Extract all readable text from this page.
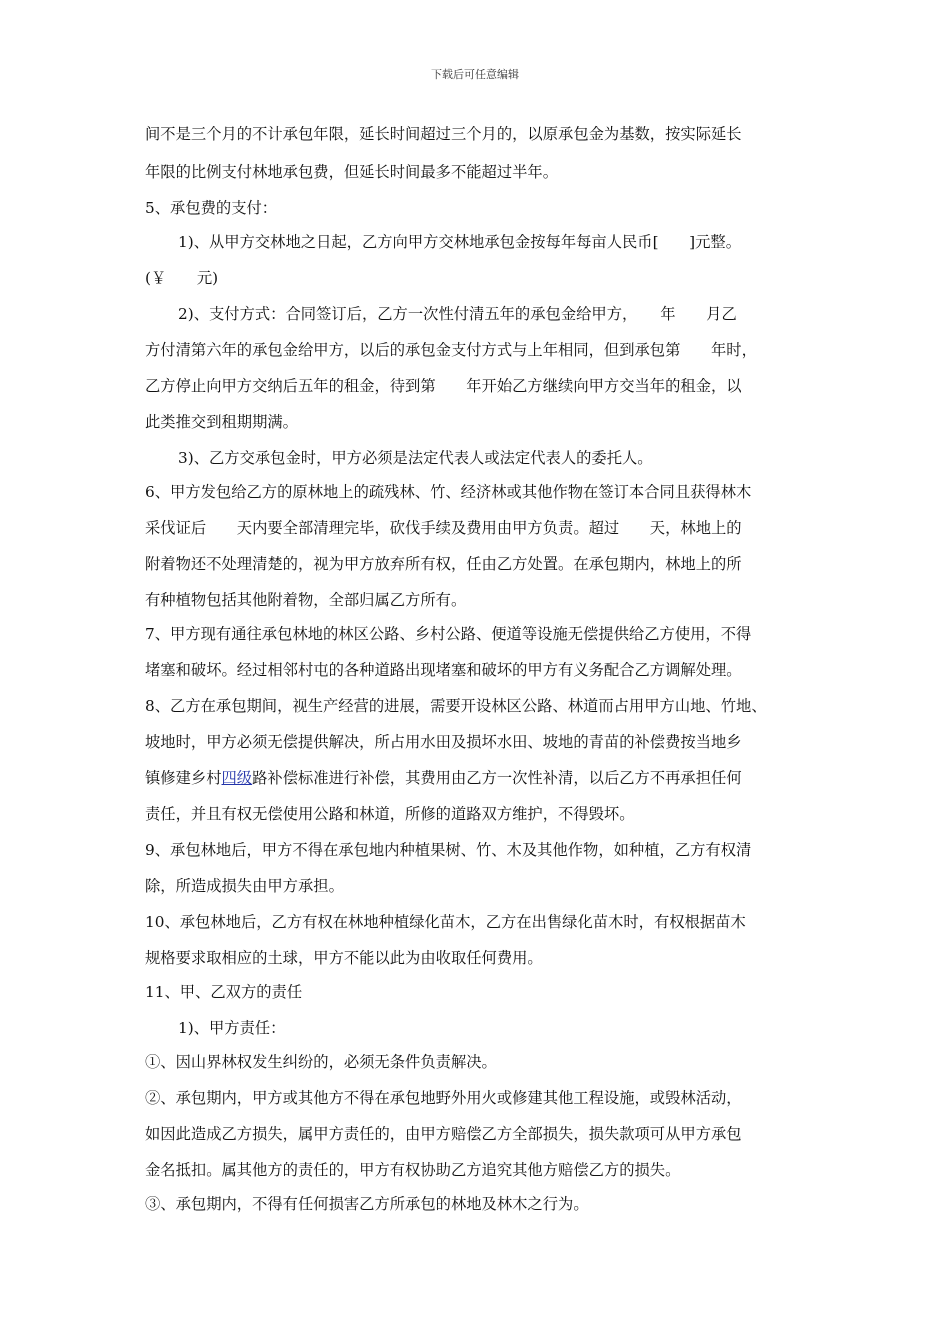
下载后可任意编辑
间不是三个月的不计承包年限，延长时间超过三个月的，以原承包金为基数，按实际延长
年限的比例支付林地承包费，但延长时间最多不能超过半年。
5、承包费的支付：
1)、从甲方交林地之日起，乙方向甲方交林地承包金按每年每亩人民币[　　]元整。
(￥　　元)
2)、支付方式：合同签订后，乙方一次性付清五年的承包金给甲方，　　年　　月乙
方付清第六年的承包金给甲方，以后的承包金支付方式与上年相同，但到承包第　　年时，
乙方停止向甲方交纳后五年的租金，待到第　　年开始乙方继续向甲方交当年的租金，以
此类推交到租期期满。
3)、乙方交承包金时，甲方必须是法定代表人或法定代表人的委托人。
6、甲方发包给乙方的原林地上的疏残林、竹、经济林或其他作物在签订本合同且获得林木
采伐证后　　天内要全部清理完毕，砍伐手续及费用由甲方负责。超过　　天，林地上的
附着物还不处理清楚的，视为甲方放弃所有权，任由乙方处置。在承包期内，林地上的所
有种植物包括其他附着物，全部归属乙方所有。
7、甲方现有通往承包林地的林区公路、乡村公路、便道等设施无偿提供给乙方使用，不得
堵塞和破坏。经过相邻村屯的各种道路出现堵塞和破坏的甲方有义务配合乙方调解处理。
8、乙方在承包期间，视生产经营的进展，需要开设林区公路、林道而占用甲方山地、竹地、
坡地时，甲方必须无偿提供解决，所占用水田及损坏水田、坡地的青苗的补偿费按当地乡
镇修建乡村四级路补偿标准进行补偿，其费用由乙方一次性补清，以后乙方不再承担任何
责任，并且有权无偿使用公路和林道，所修的道路双方维护，不得毁坏。
9、承包林地后，甲方不得在承包地内种植果树、竹、木及其他作物，如种植，乙方有权清
除，所造成损失由甲方承担。
10、承包林地后，乙方有权在林地种植绿化苗木，乙方在出售绿化苗木时，有权根据苗木
规格要求取相应的土球，甲方不能以此为由收取任何费用。
11、甲、乙双方的责任
1)、甲方责任：
①、因山界林权发生纠纷的，必须无条件负责解决。
②、承包期内，甲方或其他方不得在承包地野外用火或修建其他工程设施，或毁林活动，
如因此造成乙方损失，属甲方责任的，由甲方赔偿乙方全部损失，损失款项可从甲方承包
金名抵扣。属其他方的责任的，甲方有权协助乙方追究其他方赔偿乙方的损失。
③、承包期内，不得有任何损害乙方所承包的林地及林木之行为。
